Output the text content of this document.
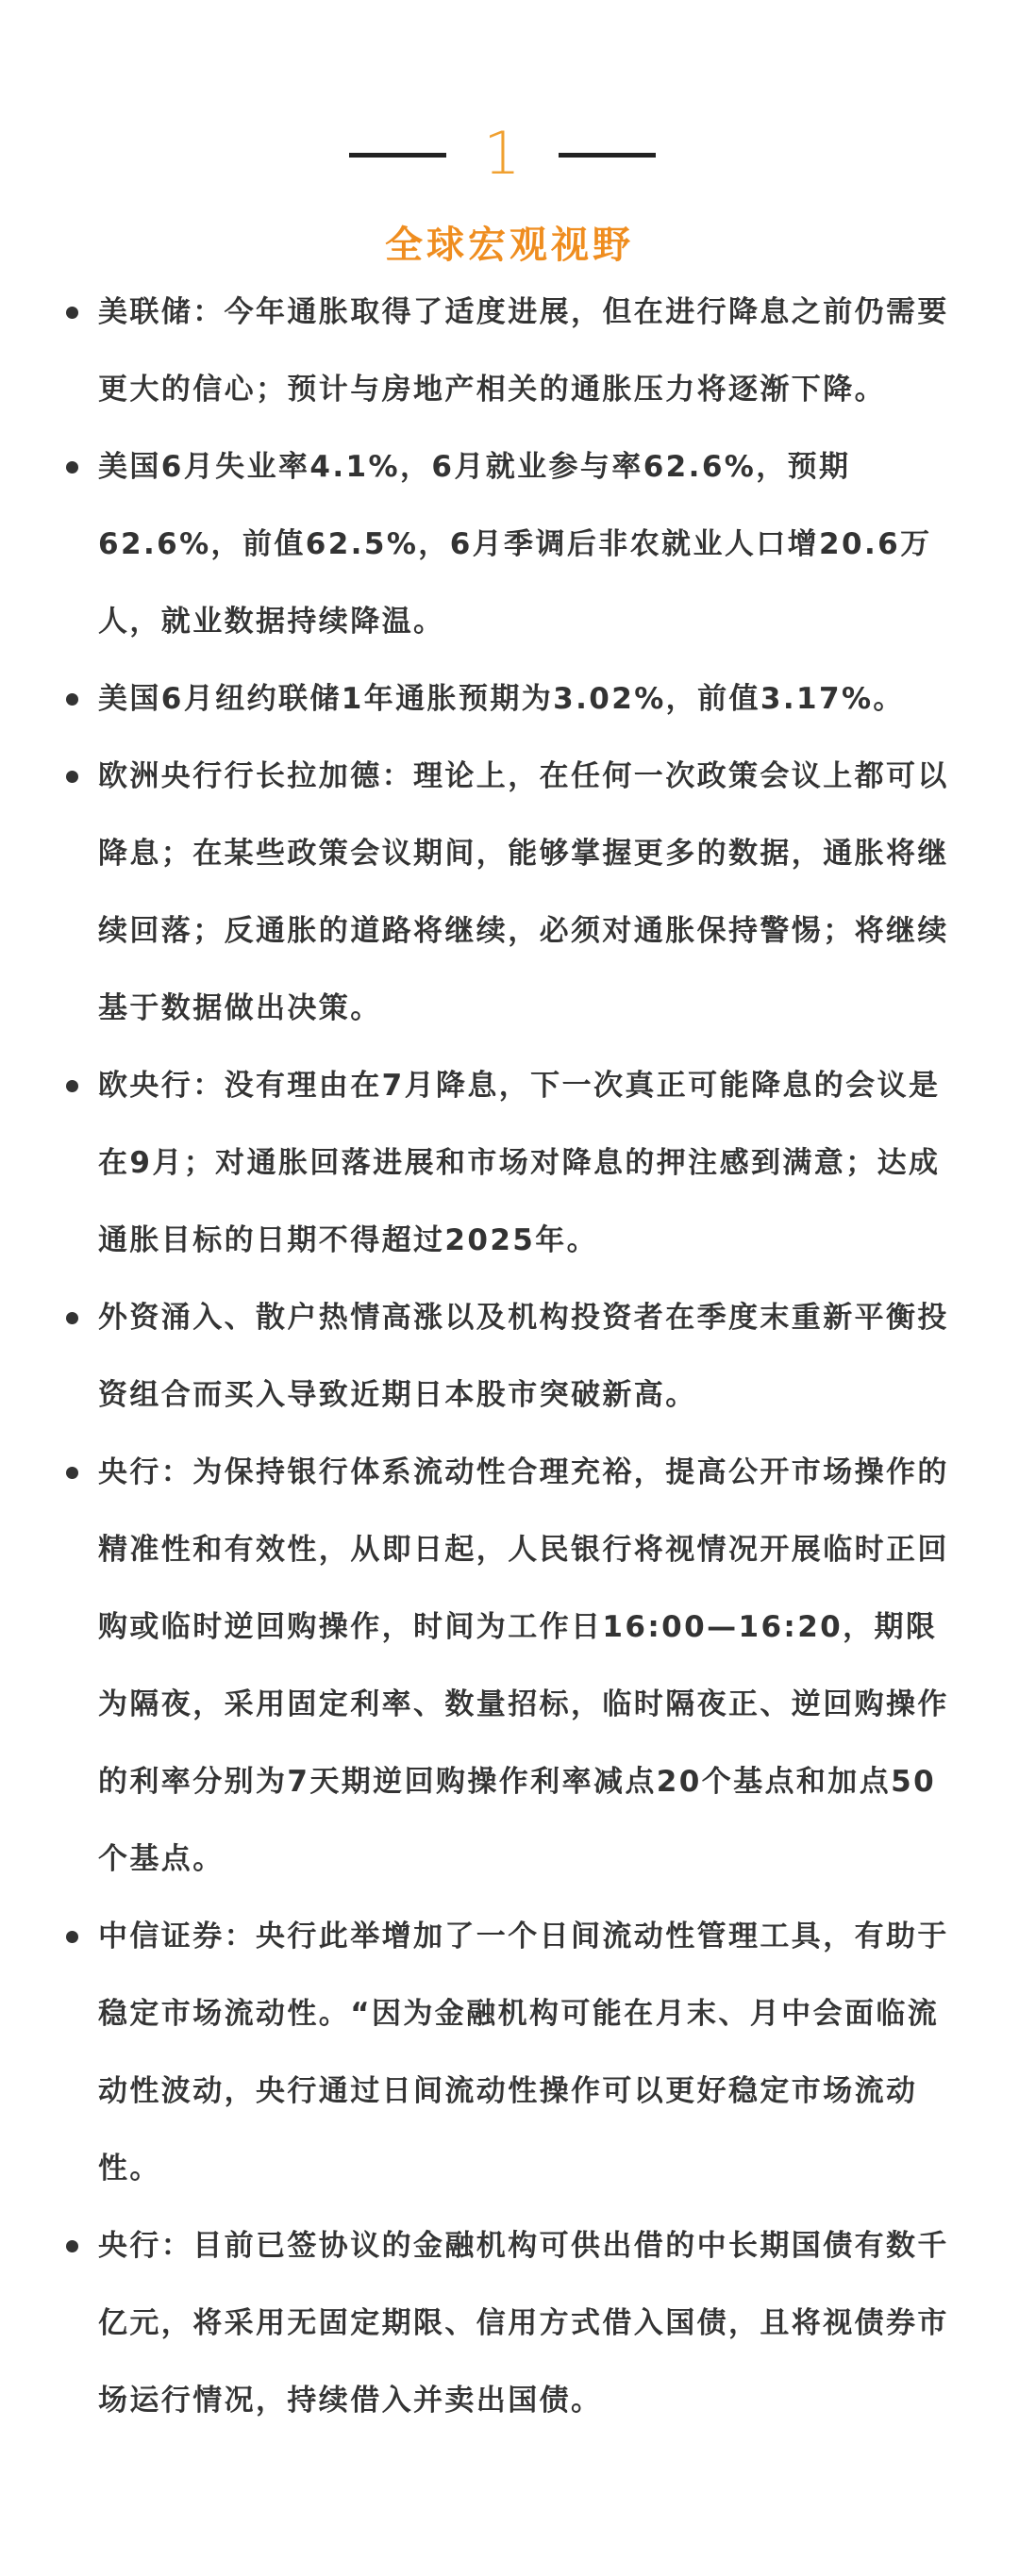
1
全球宏观视野
美联储：今年通胀取得了适度进展，但在进行降息之前仍需要更大的信心；预计与房地产相关的通胀压力将逐渐下降。
美国6月失业率4.1%，6月就业参与率62.6%，预期62.6%，前值62.5%，6月季调后非农就业人口增20.6万人，就业数据持续降温。
美国6月纽约联储1年通胀预期为3.02%，前值3.17%。
欧洲央行行长拉加德：理论上，在任何一次政策会议上都可以降息；在某些政策会议期间，能够掌握更多的数据，通胀将继续回落；反通胀的道路将继续，必须对通胀保持警惕；将继续基于数据做出决策。
欧央行：没有理由在7月降息，下一次真正可能降息的会议是在9月；对通胀回落进展和市场对降息的押注感到满意；达成通胀目标的日期不得超过2025年。
外资涌入、散户热情高涨以及机构投资者在季度末重新平衡投资组合而买入导致近期日本股市突破新高。
央行：为保持银行体系流动性合理充裕，提高公开市场操作的精准性和有效性，从即日起，人民银行将视情况开展临时正回购或临时逆回购操作，时间为工作日16:00—16:20，期限为隔夜，采用固定利率、数量招标，临时隔夜正、逆回购操作的利率分别为7天期逆回购操作利率减点20个基点和加点50个基点。
中信证券：央行此举增加了一个日间流动性管理工具，有助于稳定市场流动性。“因为金融机构可能在月末、月中会面临流动性波动，央行通过日间流动性操作可以更好稳定市场流动性。
央行：目前已签协议的金融机构可供出借的中长期国债有数千亿元，将采用无固定期限、信用方式借入国债，且将视债券市场运行情况，持续借入并卖出国债。
